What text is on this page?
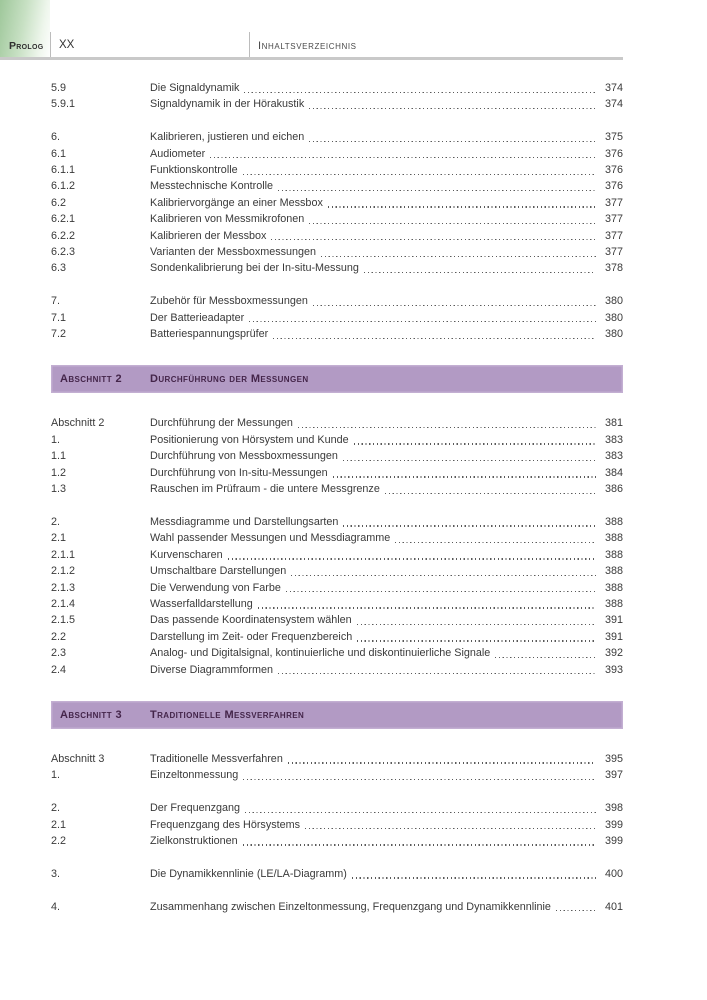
Prolog XX	Inhaltsverzeichnis
5.9	Die Signaldynamik	374
5.9.1	Signaldynamik in der Hörakustik	374
6.	Kalibrieren, justieren und eichen	375
6.1	Audiometer	376
6.1.1	Funktionskontrolle	376
6.1.2	Messtechnische Kontrolle	376
6.2	Kalibriervorgänge an einer Messbox	377
6.2.1	Kalibrieren von Messmikrofonen	377
6.2.2	Kalibrieren der Messbox	377
6.2.3	Varianten der Messboxmessungen	377
6.3	Sondenkalibrierung bei der In-situ-Messung	378
7.	Zubehör für Messboxmessungen	380
7.1	Der Batterieadapter	380
7.2	Batteriespannungsprüfer	380
Abschnitt 2	Durchführung der Messungen
Abschnitt 2	Durchführung der Messungen	381
1.	Positionierung von Hörsystem und Kunde	383
1.1	Durchführung von Messboxmessungen	383
1.2	Durchführung von In-situ-Messungen	384
1.3	Rauschen im Prüfraum - die untere Messgrenze	386
2.	Messdiagramme und Darstellungsarten	388
2.1	Wahl passender Messungen und Messdiagramme	388
2.1.1	Kurvenscharen	388
2.1.2	Umschaltbare Darstellungen	388
2.1.3	Die Verwendung von Farbe	388
2.1.4	Wasserfalldarstellung	388
2.1.5	Das passende Koordinatensystem wählen	391
2.2	Darstellung im Zeit- oder Frequenzbereich	391
2.3	Analog- und Digitalsignal, kontinuierliche und diskontinuierliche Signale	392
2.4	Diverse Diagrammformen	393
Abschnitt 3	Traditionelle Messverfahren
Abschnitt 3	Traditionelle Messverfahren	395
1.	Einzeltonmessung	397
2.	Der Frequenzgang	398
2.1	Frequenzgang des Hörsystems	399
2.2	Zielkonstruktionen	399
3.	Die Dynamikkennlinie (LE/LA-Diagramm)	400
4.	Zusammenhang zwischen Einzeltonmessung, Frequenzgang und Dynamikkennlinie	401
